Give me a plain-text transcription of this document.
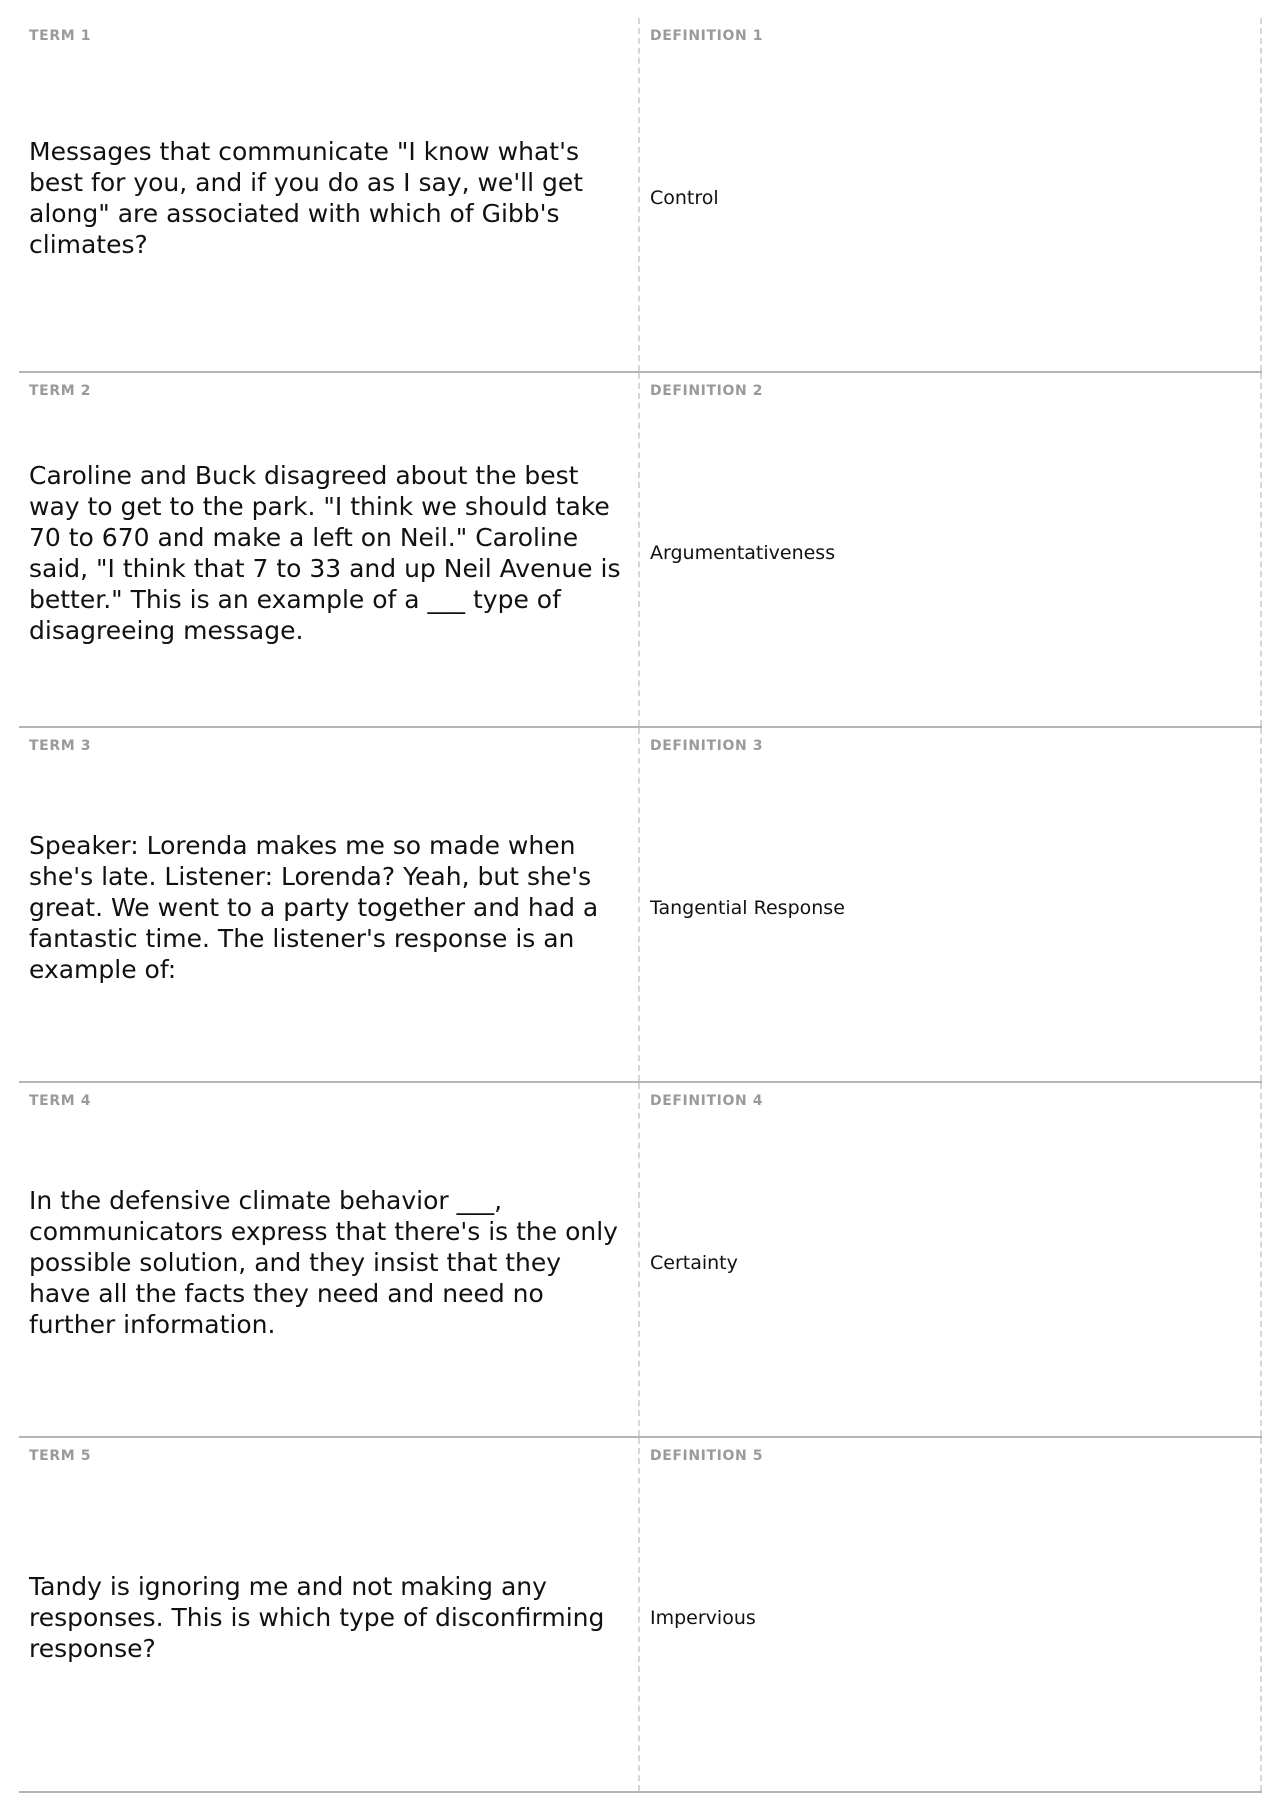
TERM 1
Messages that communicate "I know what's best for you, and if you do as I say, we'll get along" are associated with which of Gibb's climates?
DEFINITION 1
Control
TERM 2
Caroline and Buck disagreed about the best way to get to the park. "I think we should take 70 to 670 and make a left on Neil." Caroline said, "I think that 7 to 33 and up Neil Avenue is better." This is an example of a ___ type of disagreeing message.
DEFINITION 2
Argumentativeness
TERM 3
Speaker: Lorenda makes me so made when she's late. Listener: Lorenda? Yeah, but she's great. We went to a party together and had a fantastic time. The listener's response is an example of:
DEFINITION 3
Tangential Response
TERM 4
In the defensive climate behavior ___, communicators express that there's is the only possible solution, and they insist that they have all the facts they need and need no further information.
DEFINITION 4
Certainty
TERM 5
Tandy is ignoring me and not making any responses. This is which type of disconfirming response?
DEFINITION 5
Impervious
